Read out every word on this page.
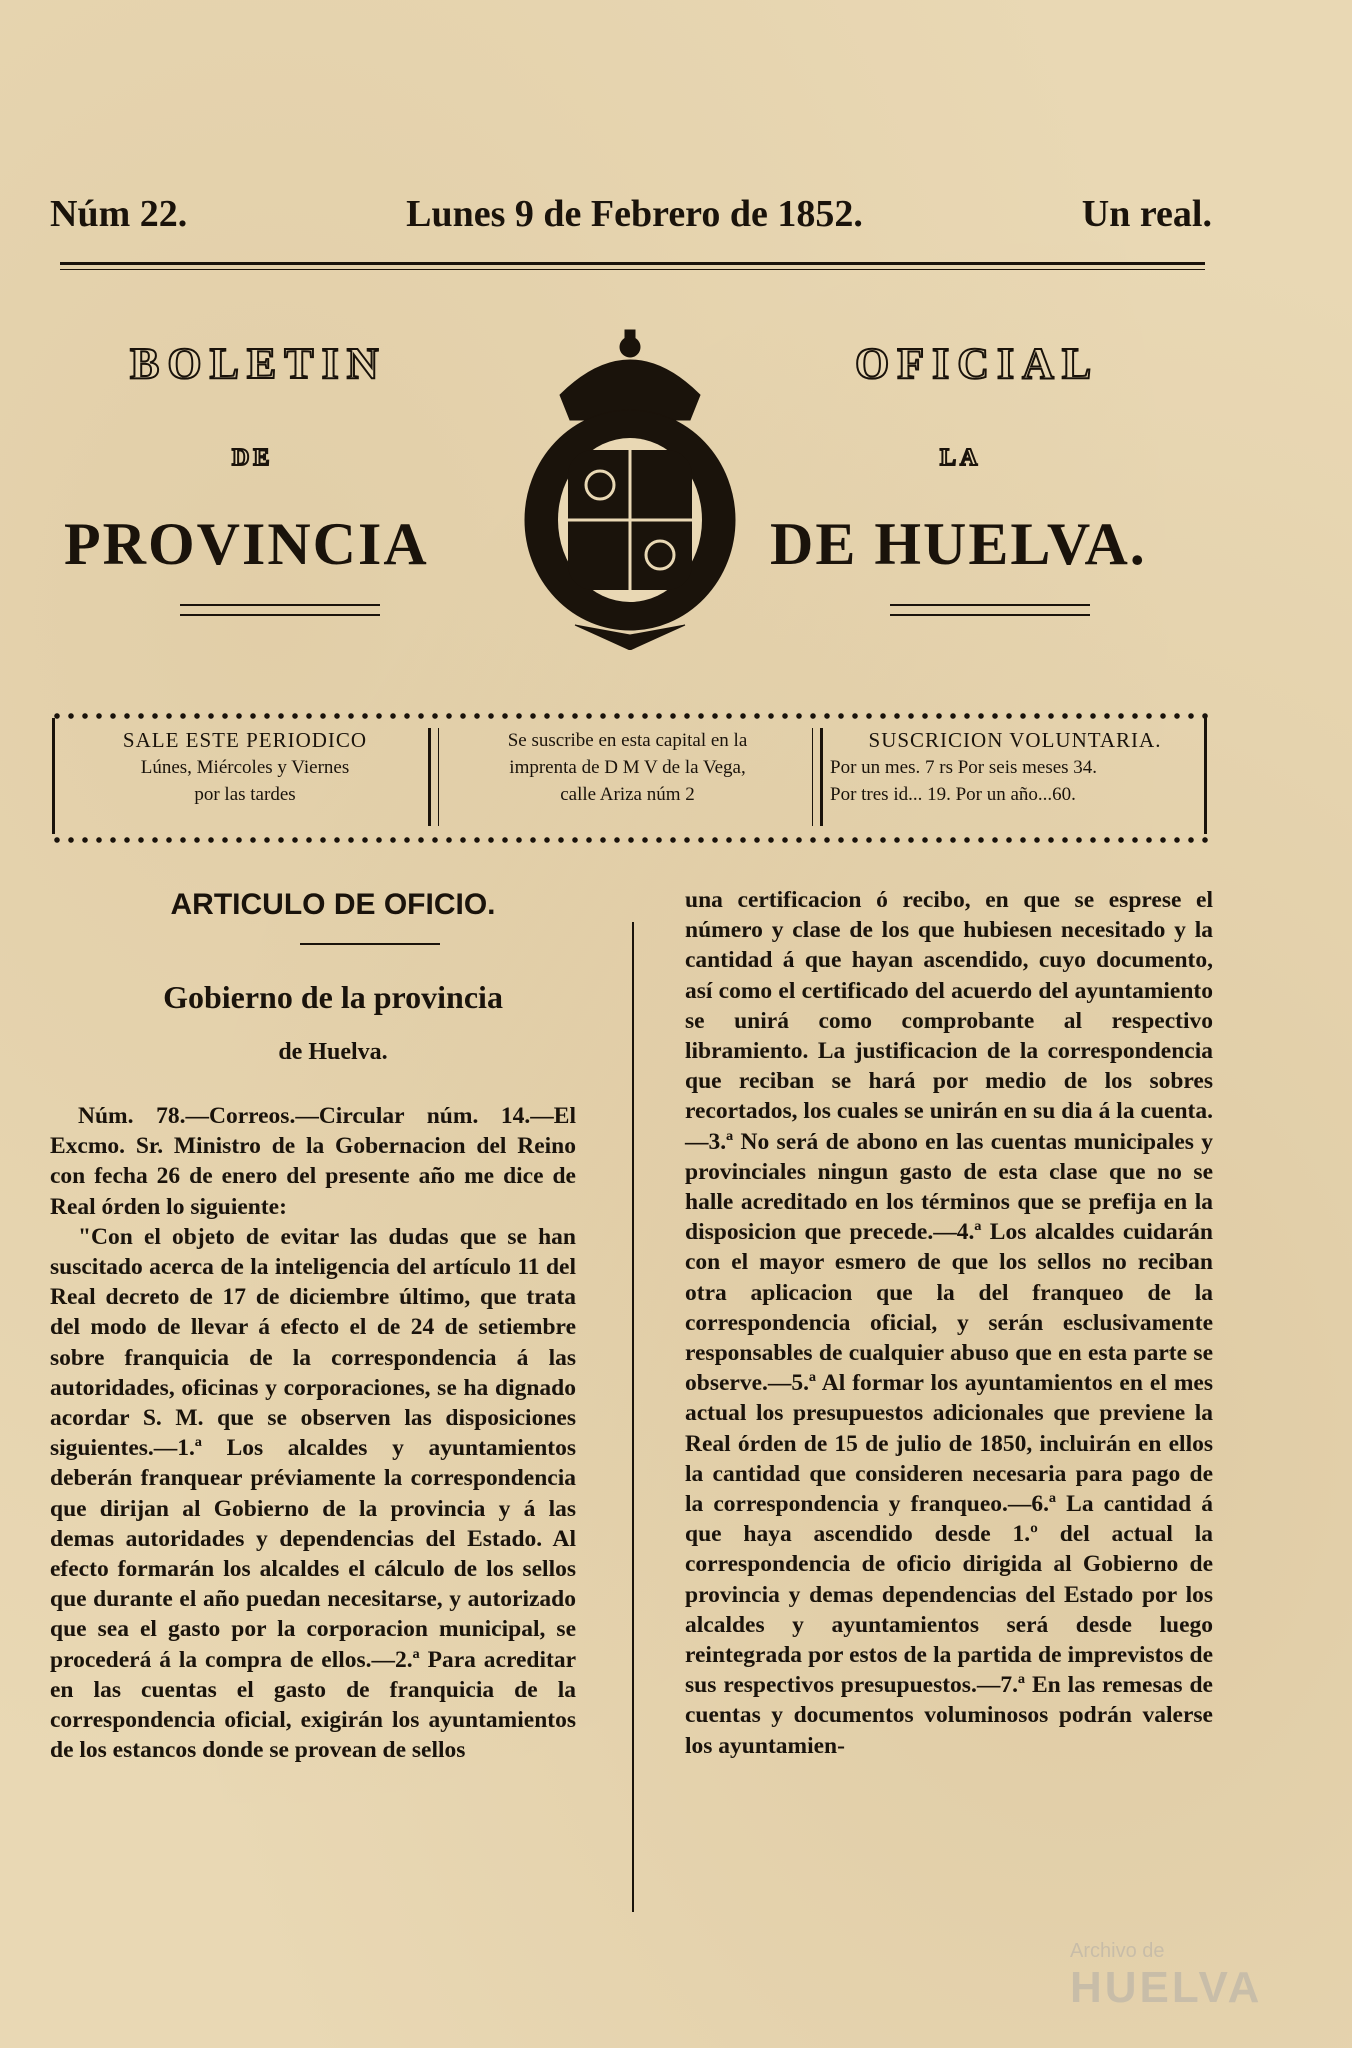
Núm 22.	Lunes 9 de Febrero de 1852.	Un real.
BOLETIN	OFICIAL
DE	LA
PROVINCIA	DE HUELVA.
SALE ESTE PERIODICO
Lúnes, Miércoles y Viernes
por las tardes
Se suscribe en esta capital en la
imprenta de D M V de la Vega,
calle Ariza núm 2
SUSCRICION VOLUNTARIA.
Por un mes. 7 rs Por seis meses 34.
Por tres id... 19. Por un año...60.

ARTICULO DE OFICIO.

Gobierno de la provincia

de Huelva.

Núm. 78.—Correos.—Circular núm. 14.—El Excmo. Sr. Ministro de la Gobernacion del Reino con fecha 26 de enero del presente año me dice de Real órden lo siguiente:

"Con el objeto de evitar las dudas que se han suscitado acerca de la inteligencia del artículo 11 del Real decreto de 17 de diciembre último, que trata del modo de llevar á efecto el de 24 de setiembre sobre franquicia de la correspondencia á las autoridades, oficinas y corporaciones, se ha dignado acordar S. M. que se observen las disposiciones siguientes.—1.ª Los alcaldes y ayuntamientos deberán franquear préviamente la correspondencia que dirijan al Gobierno de la provincia y á las demas autoridades y dependencias del Estado. Al efecto formarán los alcaldes el cálculo de los sellos que durante el año puedan necesitarse, y autorizado que sea el gasto por la corporacion municipal, se procederá á la compra de ellos.—2.ª Para acreditar en las cuentas el gasto de franquicia de la correspondencia oficial, exigirán los ayuntamientos de los estancos donde se provean de sellos

una certificacion ó recibo, en que se esprese el número y clase de los que hubiesen necesitado y la cantidad á que hayan ascendido, cuyo documento, así como el certificado del acuerdo del ayuntamiento se unirá como comprobante al respectivo libramiento. La justificacion de la correspondencia que reciban se hará por medio de los sobres recortados, los cuales se unirán en su dia á la cuenta.—3.ª No será de abono en las cuentas municipales y provinciales ningun gasto de esta clase que no se halle acreditado en los términos que se prefija en la disposicion que precede.—4.ª Los alcaldes cuidarán con el mayor esmero de que los sellos no reciban otra aplicacion que la del franqueo de la correspondencia oficial, y serán esclusivamente responsables de cualquier abuso que en esta parte se observe.—5.ª Al formar los ayuntamientos en el mes actual los presupuestos adicionales que previene la Real órden de 15 de julio de 1850, incluirán en ellos la cantidad que consideren necesaria para pago de la correspondencia y franqueo.—6.ª La cantidad á que haya ascendido desde 1.º del actual la correspondencia de oficio dirigida al Gobierno de provincia y demas dependencias del Estado por los alcaldes y ayuntamientos será desde luego reintegrada por estos de la partida de imprevistos de sus respectivos presupuestos.—7.ª En las remesas de cuentas y documentos voluminosos podrán valerse los ayuntamien-

Archivo de
HUELVA
